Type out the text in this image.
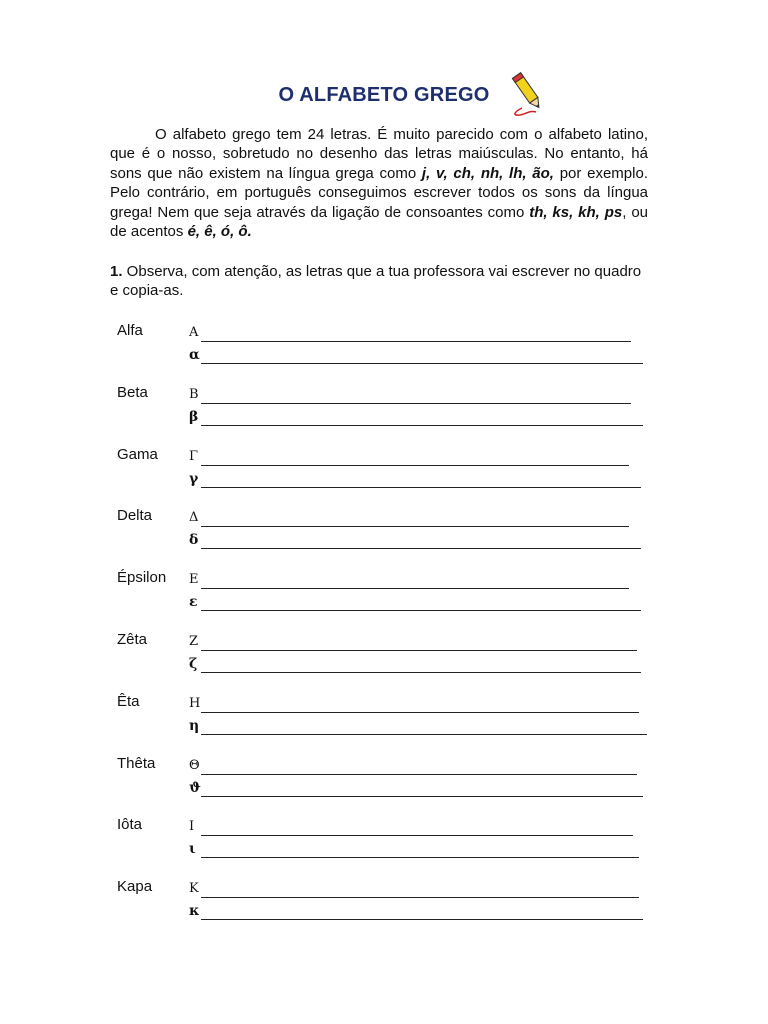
O ALFABETO GREGO

O alfabeto grego tem 24 letras. É muito parecido com o alfabeto latino, que é o nosso, sobretudo no desenho das letras maiúsculas. No entanto, há sons que não existem na língua grega como j, v, ch, nh, lh, ão, por exemplo. Pelo contrário, em português conseguimos escrever todos os sons da língua grega! Nem que seja através da ligação de consoantes como th, ks, kh, ps, ou de acentos é, ê, ó, ô.

1. Observa, com atenção, as letras que a tua professora vai escrever no quadro e copia-as.

Alfa	Α
α
Beta	Β
β
Gama Γ
γ
Delta	Δ
δ
Épsilon Ε
ε
Zêta	Ζ
ζ
Êta	Η
η
Thêta	Θ
ϑ
Iôta	Ι
ι
Kapa	Κ
κ
